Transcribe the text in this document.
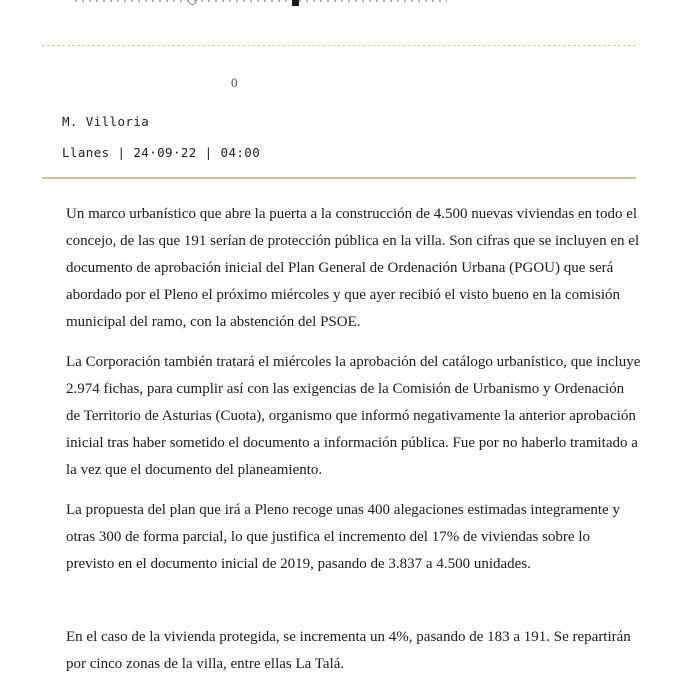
0
M. Villoria
Llanes | 24·09·22 | 04:00

Un marco urbanístico que abre la puerta a la construcción de 4.500 nuevas viviendas en todo el concejo, de las que 191 serían de protección pública en la villa. Son cifras que se incluyen en el documento de aprobación inicial del Plan General de Ordenación Urbana (PGOU) que será abordado por el Pleno el próximo miércoles y que ayer recibió el visto bueno en la comisión municipal del ramo, con la abstención del PSOE.

La Corporación también tratará el miércoles la aprobación del catálogo urbanístico, que incluye 2.974 fichas, para cumplir así con las exigencias de la Comisión de Urbanismo y Ordenación de Territorio de Asturias (Cuota), organismo que informó negativamente la anterior aprobación inicial tras haber sometido el documento a información pública. Fue por no haberlo tramitado a la vez que el documento del planeamiento.

La propuesta del plan que irá a Pleno recoge unas 400 alegaciones estimadas integramente y otras 300 de forma parcial, lo que justifica el incremento del 17% de viviendas sobre lo previsto en el documento inicial de 2019, pasando de 3.837 a 4.500 unidades.

En el caso de la vivienda protegida, se incrementa un 4%, pasando de 183 a 191. Se repartirán por cinco zonas de la villa, entre ellas La Talá.
